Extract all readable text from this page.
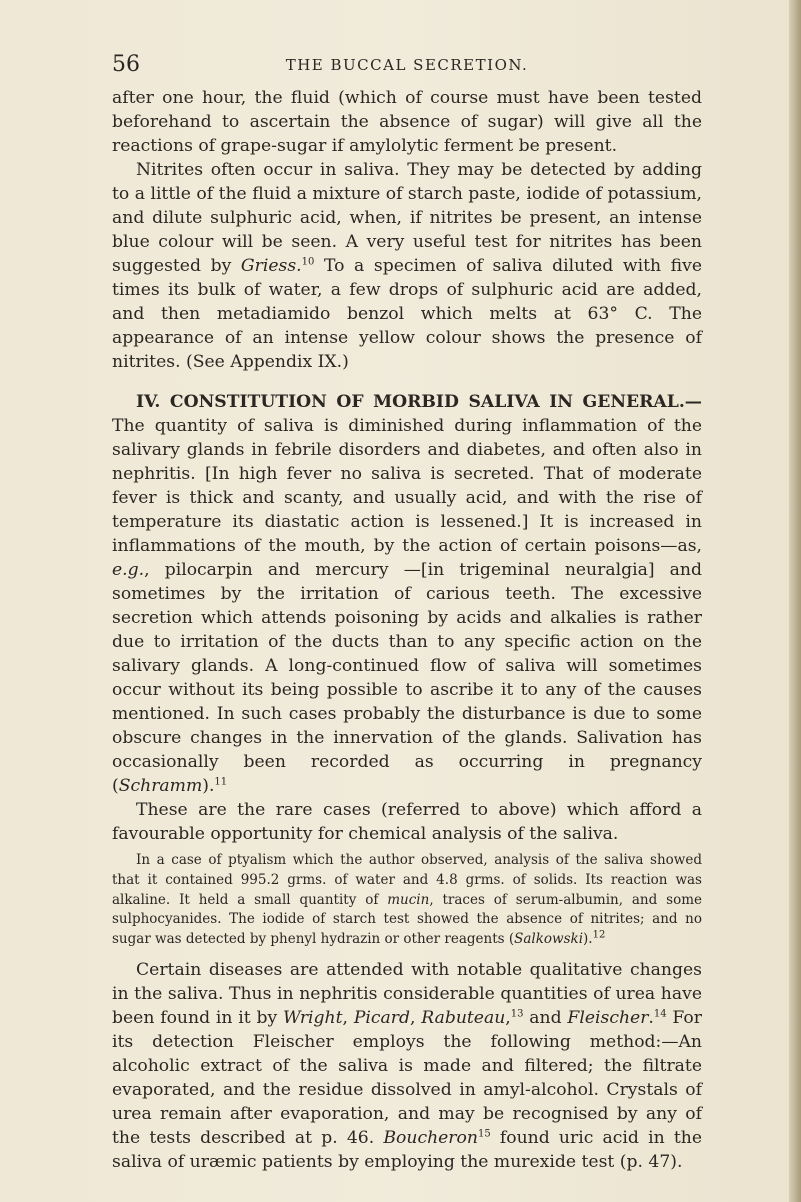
56	THE BUCCAL SECRETION.

after one hour, the fluid (which of course must have been tested beforehand to ascertain the absence of sugar) will give all the reactions of grape-sugar if amylolytic ferment be present.

Nitrites often occur in saliva. They may be detected by adding to a little of the fluid a mixture of starch paste, iodide of potassium, and dilute sulphuric acid, when, if nitrites be present, an intense blue colour will be seen. A very useful test for nitrites has been suggested by Griess.$^{10}$ To a specimen of saliva diluted with five times its bulk of water, a few drops of sulphuric acid are added, and then metadiamido benzol which melts at 63° C. The appearance of an intense yellow colour shows the presence of nitrites. (See Appendix IX.)

IV. CONSTITUTION OF MORBID SALIVA IN GENERAL.— The quantity of saliva is diminished during inflammation of the salivary glands in febrile disorders and diabetes, and often also in nephritis. [In high fever no saliva is secreted. That of moderate fever is thick and scanty, and usually acid, and with the rise of temperature its diastatic action is lessened.] It is increased in inflammations of the mouth, by the action of certain poisons—as, e.g., pilocarpin and mercury —[in trigeminal neuralgia] and sometimes by the irritation of carious teeth. The excessive secretion which attends poisoning by acids and alkalies is rather due to irritation of the ducts than to any specific action on the salivary glands. A long-continued flow of saliva will sometimes occur without its being possible to ascribe it to any of the causes mentioned. In such cases probably the disturbance is due to some obscure changes in the innervation of the glands. Salivation has occasionally been recorded as occurring in pregnancy (Schramm).$^{11}$

These are the rare cases (referred to above) which afford a favourable opportunity for chemical analysis of the saliva.

In a case of ptyalism which the author observed, analysis of the saliva showed that it contained 995.2 grms. of water and 4.8 grms. of solids. Its reaction was alkaline. It held a small quantity of mucin, traces of serum-albumin, and some sulphocyanides. The iodide of starch test showed the absence of nitrites; and no sugar was detected by phenyl hydrazin or other reagents (Salkowski).$^{12}$

Certain diseases are attended with notable qualitative changes in the saliva. Thus in nephritis considerable quantities of urea have been found in it by Wright, Picard, Rabuteau,$^{13}$ and Fleischer.$^{14}$ For its detection Fleischer employs the following method:—An alcoholic extract of the saliva is made and filtered; the filtrate evaporated, and the residue dissolved in amyl-alcohol. Crystals of urea remain after evaporation, and may be recognised by any of the tests described at p. 46. Boucheron$^{15}$ found uric acid in the saliva of uræmic patients by employing the murexide test (p. 47).
